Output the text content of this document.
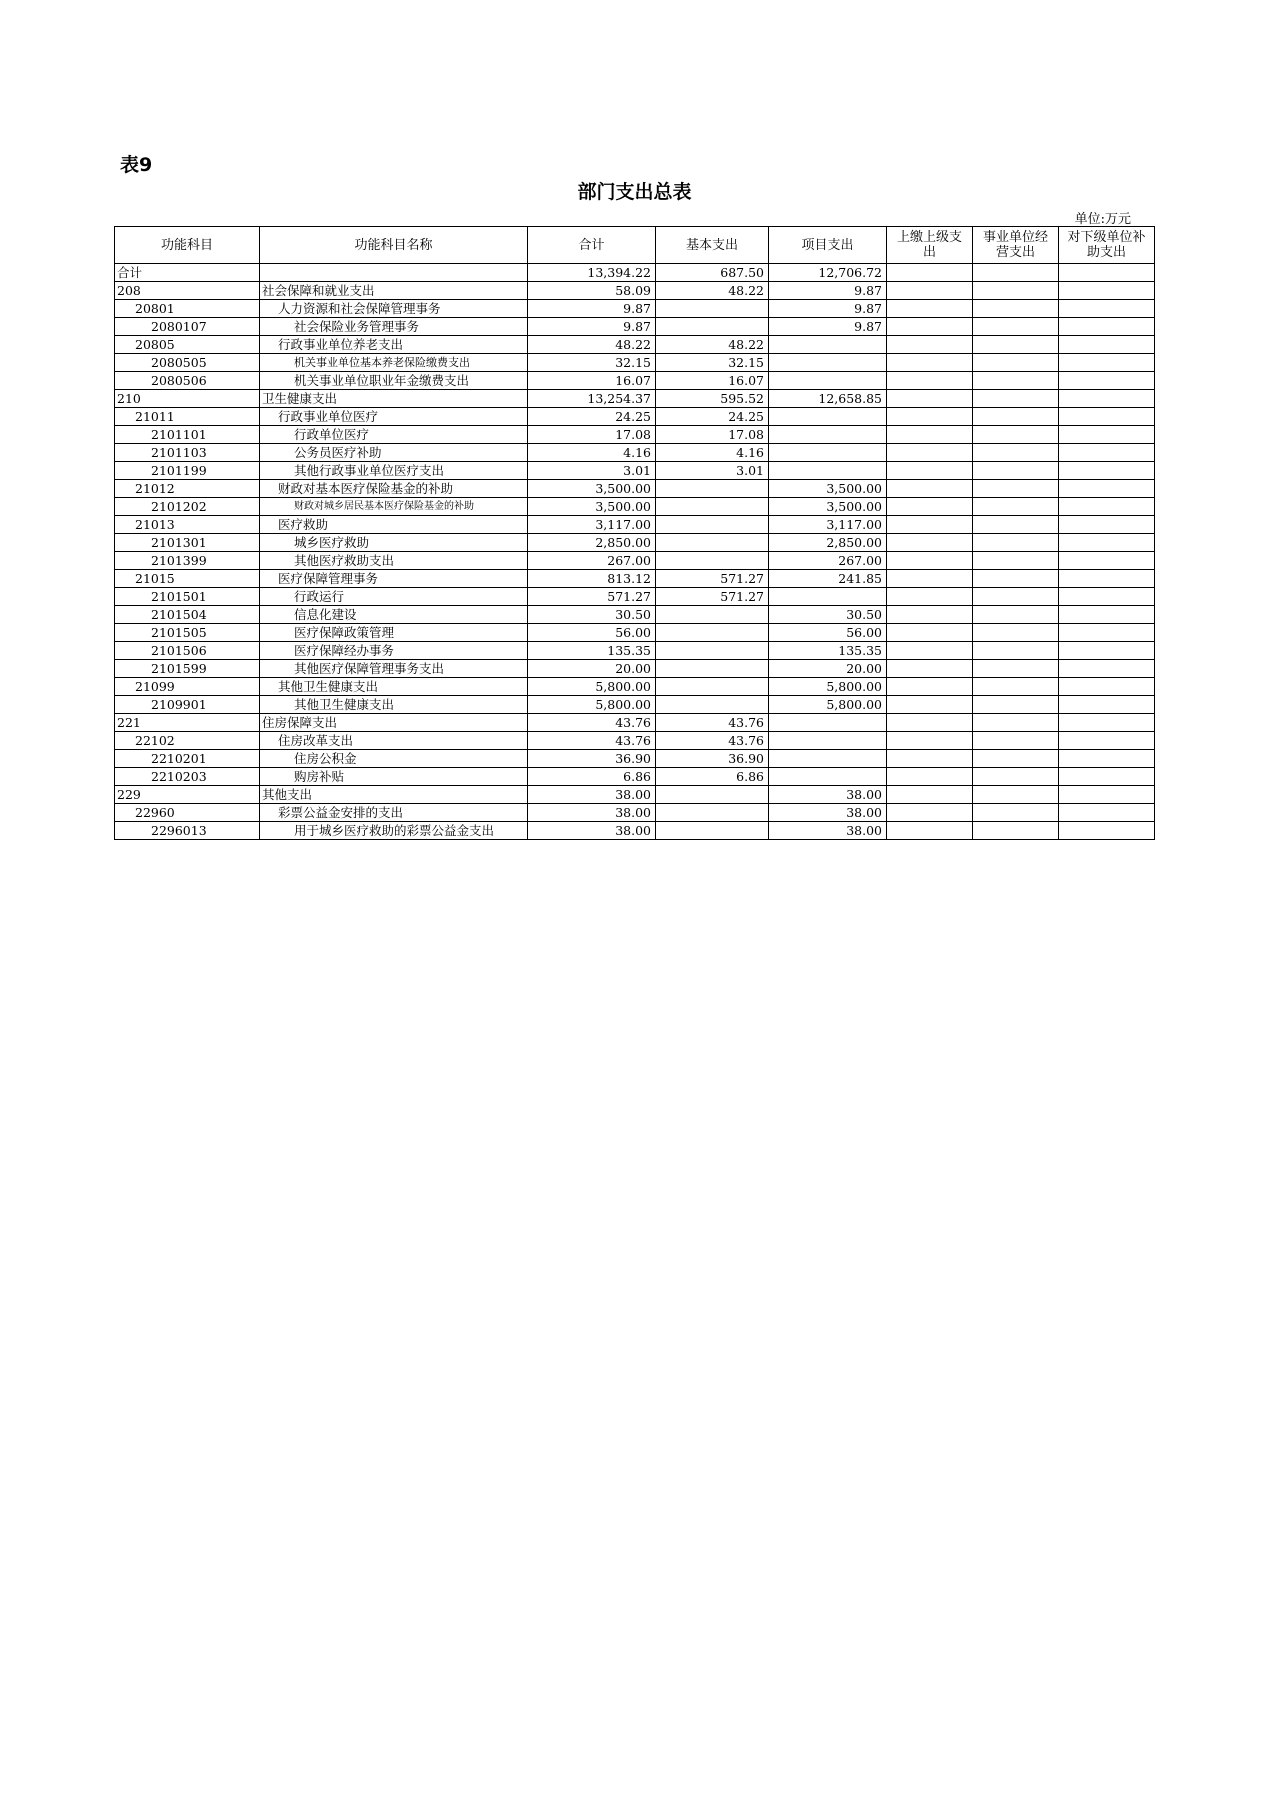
表9
部门支出总表
单位:万元
功能科目	功能科目名称	合计	基本支出	项目支出	上缴上级支出	事业单位经营支出	对下级单位补助支出
合计		13,394.22	687.50	12,706.72			
208	社会保障和就业支出	58.09	48.22	9.87			
20801	人力资源和社会保障管理事务	9.87		9.87			
2080107	社会保险业务管理事务	9.87		9.87			
20805	行政事业单位养老支出	48.22	48.22				
2080505	机关事业单位基本养老保险缴费支出	32.15	32.15				
2080506	机关事业单位职业年金缴费支出	16.07	16.07				
210	卫生健康支出	13,254.37	595.52	12,658.85			
21011	行政事业单位医疗	24.25	24.25				
2101101	行政单位医疗	17.08	17.08				
2101103	公务员医疗补助	4.16	4.16				
2101199	其他行政事业单位医疗支出	3.01	3.01				
21012	财政对基本医疗保险基金的补助	3,500.00		3,500.00			
2101202	财政对城乡居民基本医疗保险基金的补助	3,500.00		3,500.00			
21013	医疗救助	3,117.00		3,117.00			
2101301	城乡医疗救助	2,850.00		2,850.00			
2101399	其他医疗救助支出	267.00		267.00			
21015	医疗保障管理事务	813.12	571.27	241.85			
2101501	行政运行	571.27	571.27				
2101504	信息化建设	30.50		30.50			
2101505	医疗保障政策管理	56.00		56.00			
2101506	医疗保障经办事务	135.35		135.35			
2101599	其他医疗保障管理事务支出	20.00		20.00			
21099	其他卫生健康支出	5,800.00		5,800.00			
2109901	其他卫生健康支出	5,800.00		5,800.00			
221	住房保障支出	43.76	43.76				
22102	住房改革支出	43.76	43.76				
2210201	住房公积金	36.90	36.90				
2210203	购房补贴	6.86	6.86				
229	其他支出	38.00		38.00			
22960	彩票公益金安排的支出	38.00		38.00			
2296013	用于城乡医疗救助的彩票公益金支出	38.00		38.00			
